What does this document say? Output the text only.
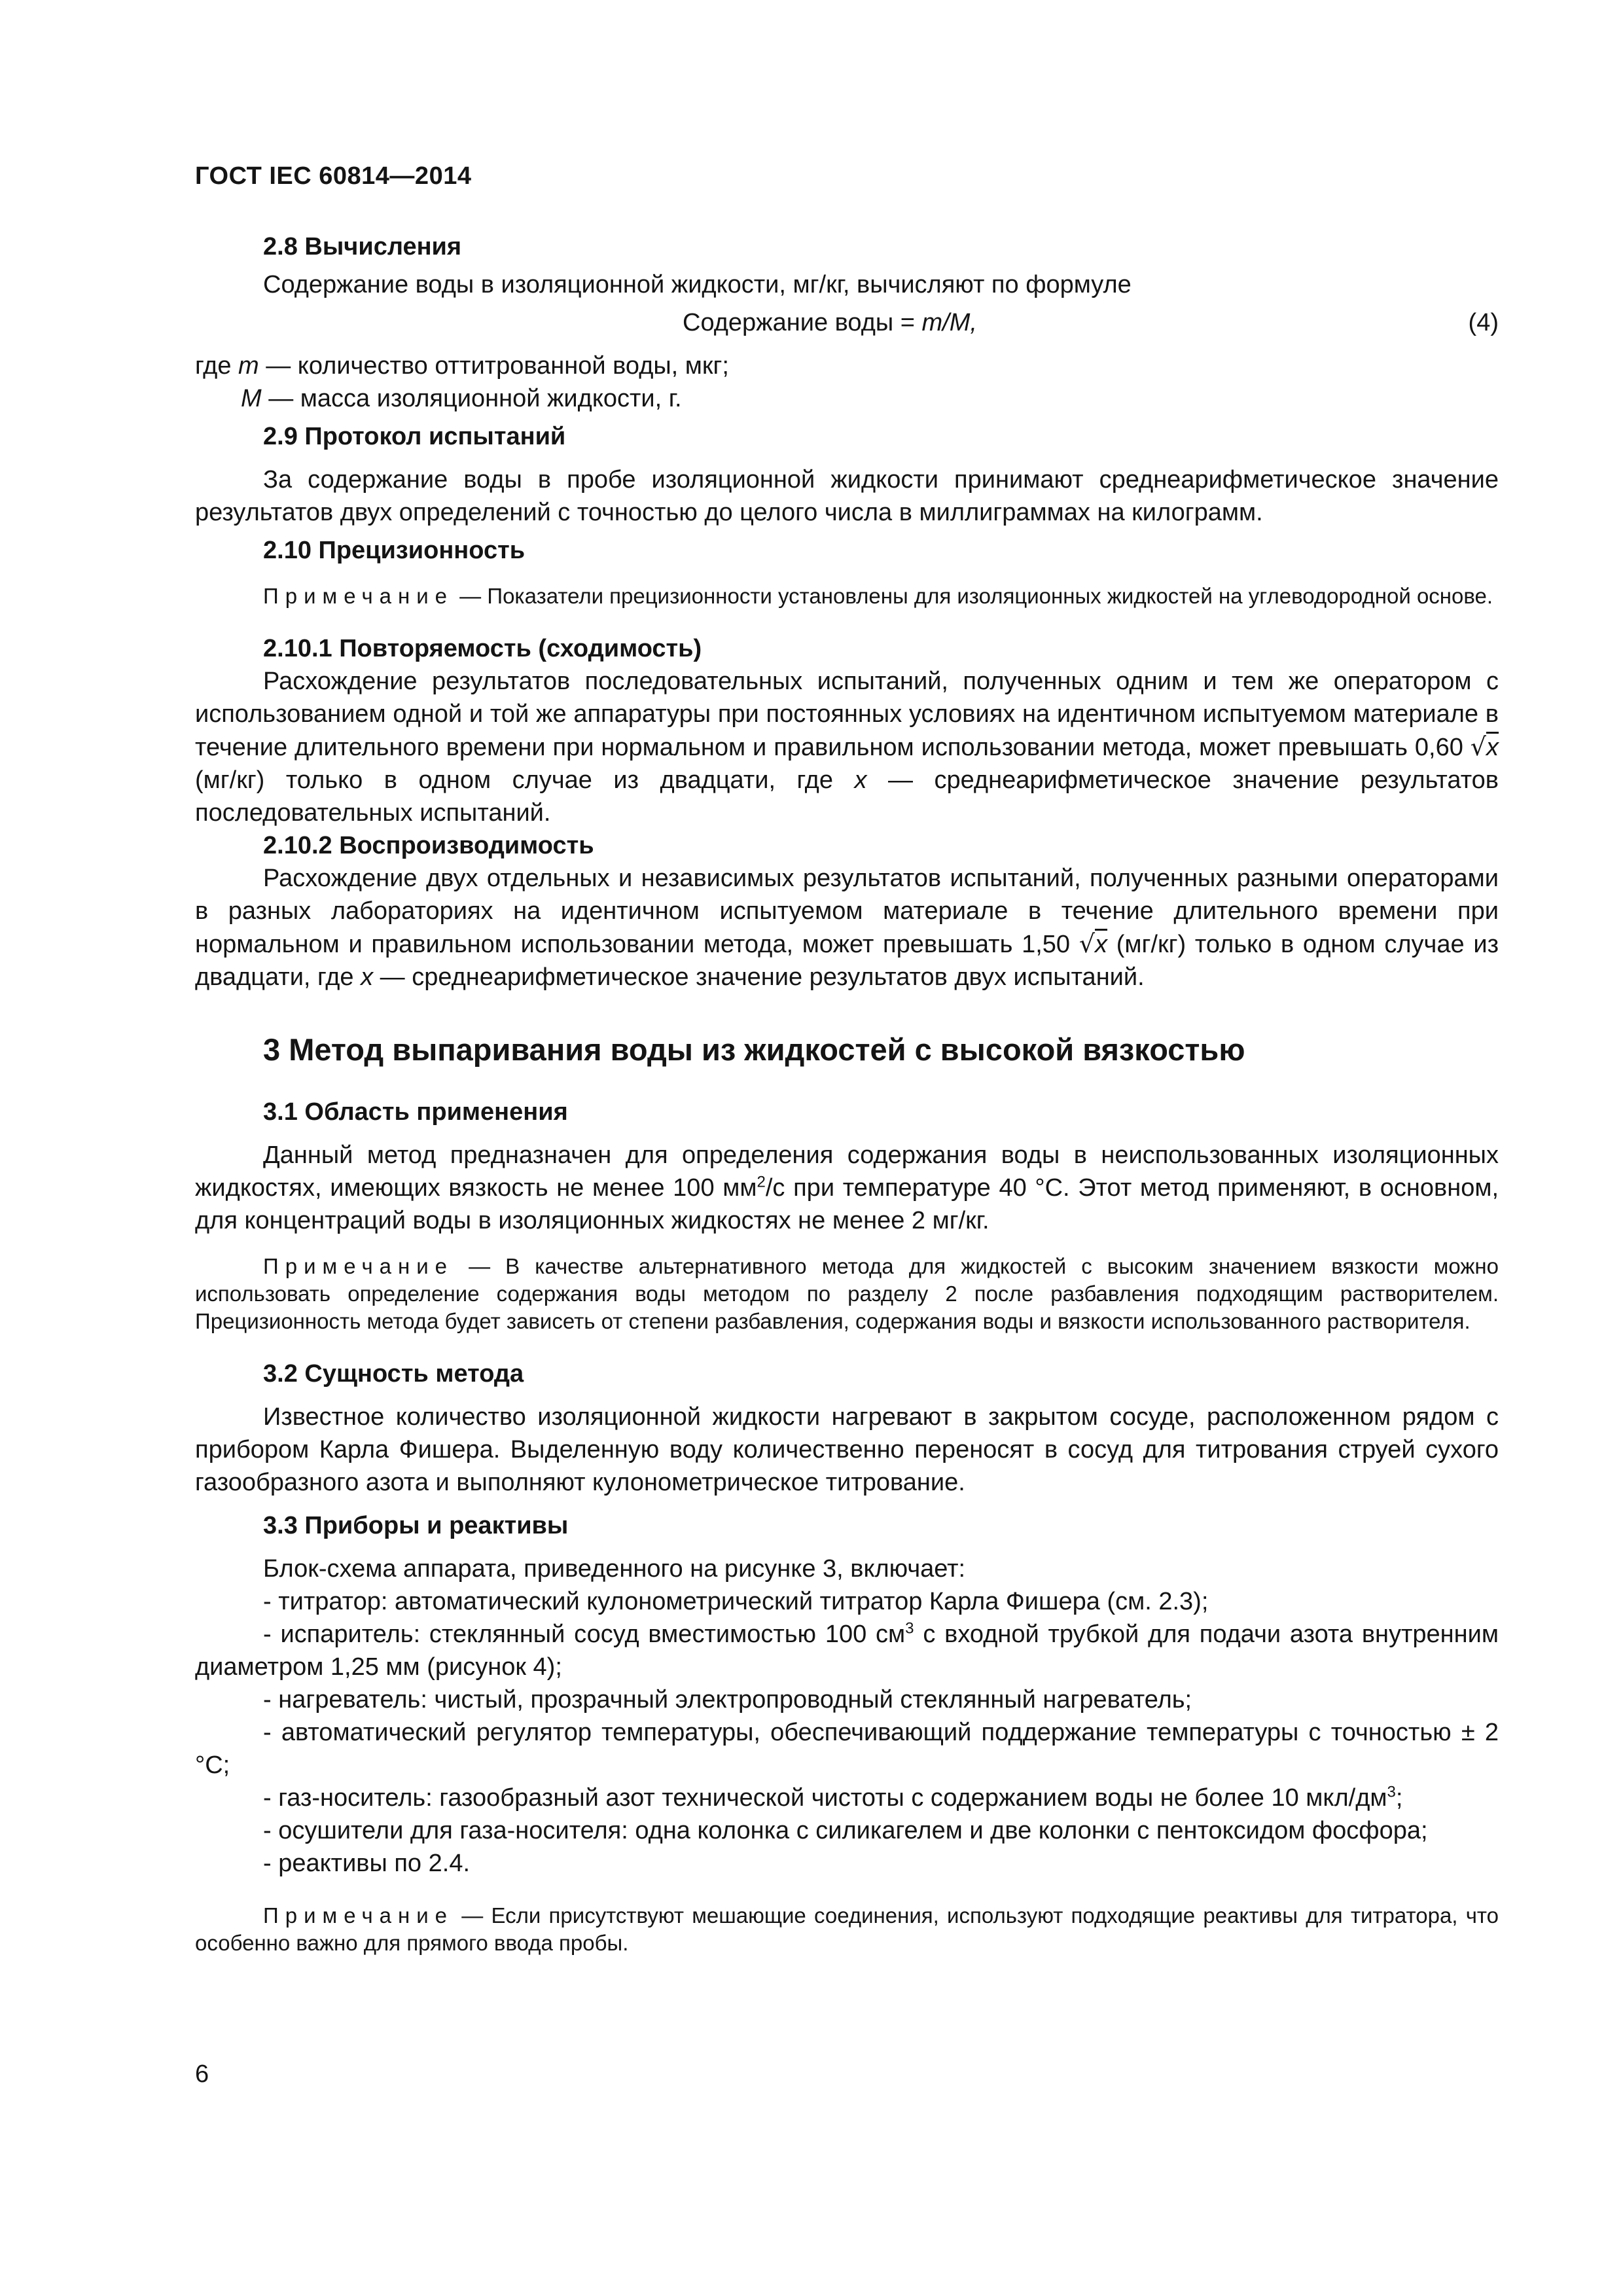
ГОСТ IEC 60814—2014

2.8 Вычисления

Содержание воды в изоляционной жидкости, мг/кг, вычисляют по формуле

Содержание воды = m/M,	(4)

где m — количество оттитрованной воды, мкг;

M — масса изоляционной жидкости, г.

2.9 Протокол испытаний

За содержание воды в пробе изоляционной жидкости принимают среднеарифметическое значение результатов двух определений с точностью до целого числа в миллиграммах на килограмм.

2.10 Прецизионность

Примечание — Показатели прецизионности установлены для изоляционных жидкостей на углеводородной основе.

2.10.1 Повторяемость (сходимость)

Расхождение результатов последовательных испытаний, полученных одним и тем же оператором с использованием одной и той же аппаратуры при постоянных условиях на идентичном испытуемом материале в течение длительного времени при нормальном и правильном использовании метода, может превышать 0,60 √x (мг/кг) только в одном случае из двадцати, где x — среднеарифметическое значение результатов последовательных испытаний.

2.10.2 Воспроизводимость

Расхождение двух отдельных и независимых результатов испытаний, полученных разными операторами в разных лабораториях на идентичном испытуемом материале в течение длительного времени при нормальном и правильном использовании метода, может превышать 1,50 √x (мг/кг) только в одном случае из двадцати, где x — среднеарифметическое значение результатов двух испытаний.

3 Метод выпаривания воды из жидкостей с высокой вязкостью

3.1 Область применения

Данный метод предназначен для определения содержания воды в неиспользованных изоляционных жидкостях, имеющих вязкость не менее 100 $мм^2/с$ при температуре 40 °С. Этот метод применяют, в основном, для концентраций воды в изоляционных жидкостях не менее 2 мг/кг.

Примечание — В качестве альтернативного метода для жидкостей с высоким значением вязкости можно использовать определение содержания воды методом по разделу 2 после разбавления подходящим растворителем. Прецизионность метода будет зависеть от степени разбавления, содержания воды и вязкости использованного растворителя.

3.2 Сущность метода

Известное количество изоляционной жидкости нагревают в закрытом сосуде, расположенном рядом с прибором Карла Фишера. Выделенную воду количественно переносят в сосуд для титрования струей сухого газообразного азота и выполняют кулонометрическое титрование.

3.3 Приборы и реактивы

Блок-схема аппарата, приведенного на рисунке 3, включает:

- титратор: автоматический кулонометрический титратор Карла Фишера (см. 2.3);

- испаритель: стеклянный сосуд вместимостью 100 $см^3$ с входной трубкой для подачи азота внутренним диаметром 1,25 мм (рисунок 4);

- нагреватель: чистый, прозрачный электропроводный стеклянный нагреватель;

- автоматический регулятор температуры, обеспечивающий поддержание температуры с точностью ± 2 °С;

- газ-носитель: газообразный азот технической чистоты с содержанием воды не более 10 мкл/$дм^3$;

- осушители для газа-носителя: одна колонка с силикагелем и две колонки с пентоксидом фосфора;

- реактивы по 2.4.

Примечание — Если присутствуют мешающие соединения, используют подходящие реактивы для титратора, что особенно важно для прямого ввода пробы.

6
